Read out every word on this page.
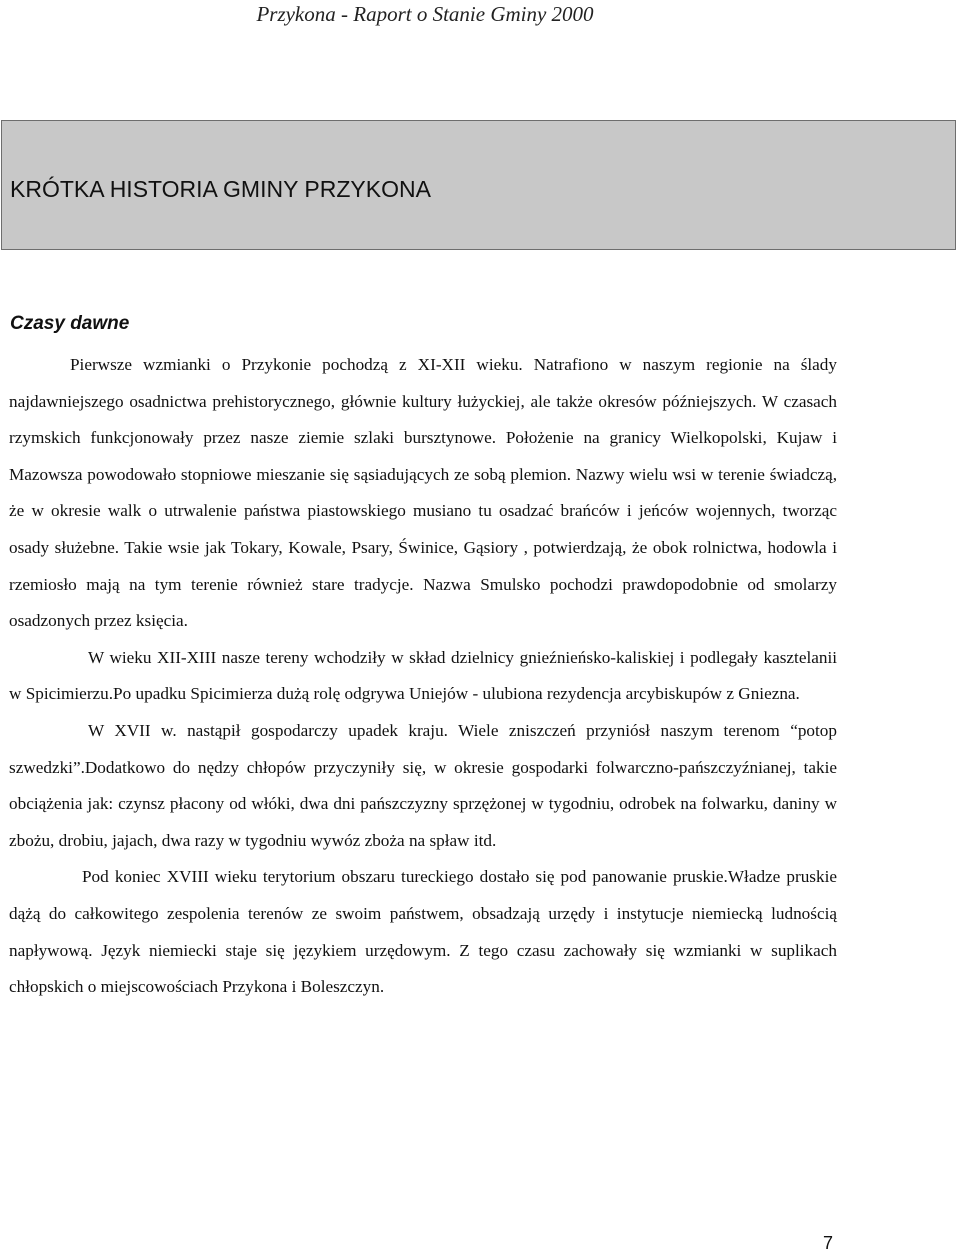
Przykona - Raport o Stanie Gminy 2000
KRÓTKA HISTORIA GMINY PRZYKONA
Czasy dawne

Pierwsze wzmianki o Przykonie pochodzą z XI-XII wieku. Natrafiono w naszym regionie na ślady najdawniejszego osadnictwa prehistorycznego, głównie kultury łużyckiej, ale także okresów późniejszych. W czasach rzymskich funkcjonowały przez nasze ziemie szlaki bursztynowe. Położenie na granicy Wielkopolski, Kujaw i Mazowsza powodowało stopniowe mieszanie się sąsiadujących ze sobą plemion. Nazwy wielu wsi w terenie świadczą, że w okresie walk o utrwalenie państwa piastowskiego musiano tu osadzać brańców i jeńców wojennych, tworząc osady służebne. Takie wsie jak Tokary, Kowale, Psary, Świnice, Gąsiory , potwierdzają, że obok rolnictwa, hodowla i rzemiosło mają na tym terenie również stare tradycje. Nazwa Smulsko pochodzi prawdopodobnie od smolarzy osadzonych przez księcia.

W wieku XII-XIII nasze tereny wchodziły w skład dzielnicy gnieźnieńsko-kaliskiej i podlegały kasztelanii w Spicimierzu.Po upadku Spicimierza dużą rolę odgrywa Uniejów - ulubiona rezydencja arcybiskupów z Gniezna.

W XVII w. nastąpił gospodarczy upadek kraju. Wiele zniszczeń przyniósł naszym terenom “potop szwedzki”.Dodatkowo do nędzy chłopów przyczyniły się, w okresie gospodarki folwarczno-pańszczyźnianej, takie obciążenia jak: czynsz płacony od włóki, dwa dni pańszczyzny sprzężonej w tygodniu, odrobek na folwarku, daniny w zbożu, drobiu, jajach, dwa razy w tygodniu wywóz zboża na spław itd.

Pod koniec XVIII wieku terytorium obszaru tureckiego dostało się pod panowanie pruskie.Władze pruskie dążą do całkowitego zespolenia terenów ze swoim państwem, obsadzają urzędy i instytucje niemiecką ludnością napływową. Język niemiecki staje się językiem urzędowym. Z tego czasu zachowały się wzmianki w suplikach chłopskich o miejscowościach Przykona i Boleszczyn.

7
